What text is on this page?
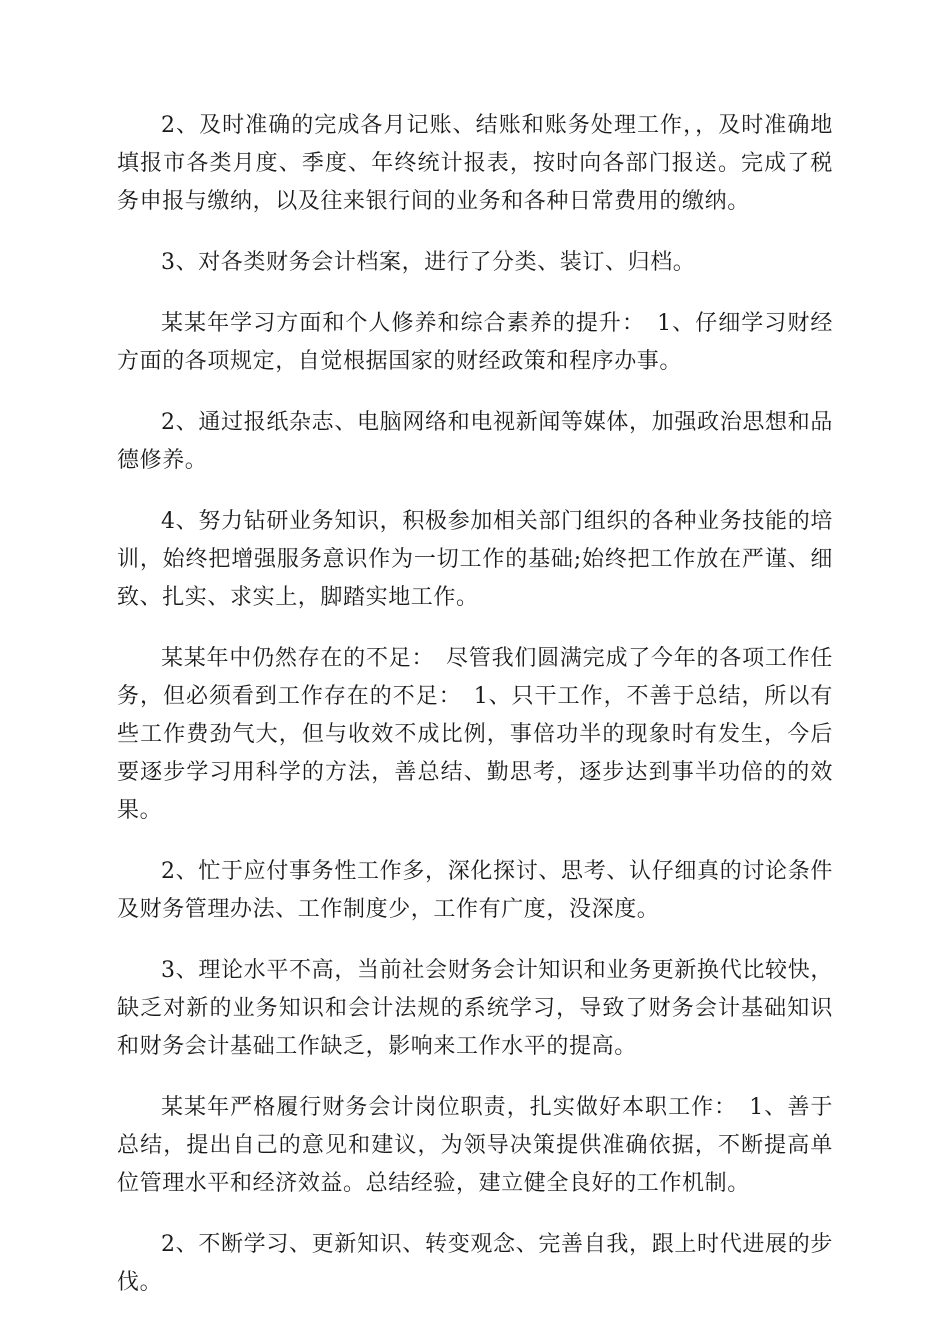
2、及时准确的完成各月记账、结账和账务处理工作，，及时准确地填报市各类月度、季度、年终统计报表，按时向各部门报送。完成了税务申报与缴纳，以及往来银行间的业务和各种日常费用的缴纳。

3、对各类财务会计档案，进行了分类、装订、归档。

某某年学习方面和个人修养和综合素养的提升：　1、仔细学习财经方面的各项规定，自觉根据国家的财经政策和程序办事。

2、通过报纸杂志、电脑网络和电视新闻等媒体，加强政治思想和品德修养。

4、努力钻研业务知识，积极参加相关部门组织的各种业务技能的培训，始终把增强服务意识作为一切工作的基础;始终把工作放在严谨、细致、扎实、求实上，脚踏实地工作。

某某年中仍然存在的不足：　尽管我们圆满完成了今年的各项工作任务，但必须看到工作存在的不足：　1、只干工作，不善于总结，所以有些工作费劲气大，但与收效不成比例，事倍功半的现象时有发生，今后要逐步学习用科学的方法，善总结、勤思考，逐步达到事半功倍的的效果。

2、忙于应付事务性工作多，深化探讨、思考、认仔细真的讨论条件及财务管理办法、工作制度少，工作有广度，没深度。

3、理论水平不高，当前社会财务会计知识和业务更新换代比较快，缺乏对新的业务知识和会计法规的系统学习，导致了财务会计基础知识和财务会计基础工作缺乏，影响来工作水平的提高。

某某年严格履行财务会计岗位职责，扎实做好本职工作：　1、善于总结，提出自己的意见和建议，为领导决策提供准确依据，不断提高单位管理水平和经济效益。总结经验，建立健全良好的工作机制。

2、不断学习、更新知识、转变观念、完善自我，跟上时代进展的步伐。
